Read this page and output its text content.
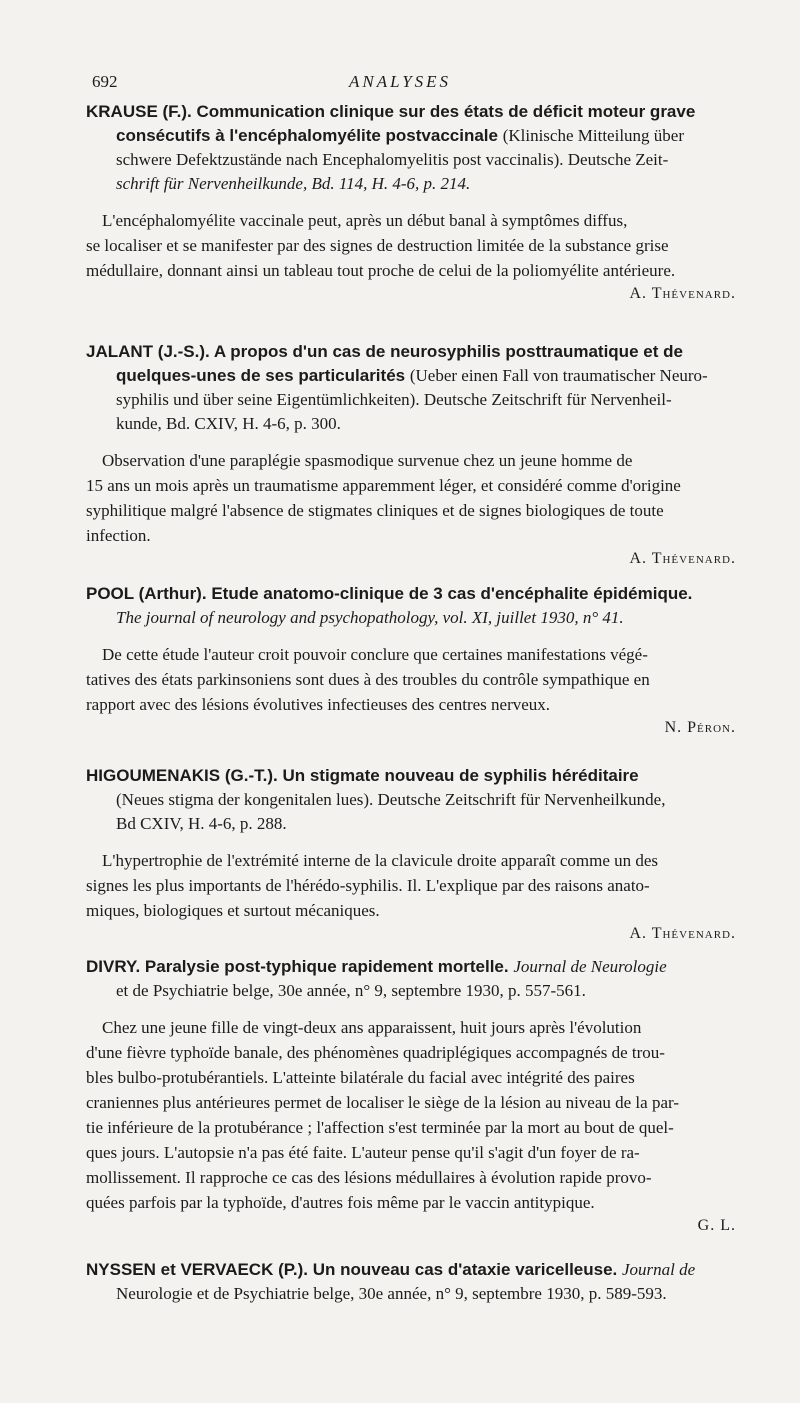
692	ANALYSES
KRAUSE (F.). Communication clinique sur des états de déficit moteur grave
consécutifs à l'encéphalomyélite postvaccinale (Klinische Mitteilung über
schwere Defektzustände nach Encephalomyelitis post vaccinalis). Deutsche Zeit-
schrift für Nervenheilkunde, Bd. 114, H. 4-6, p. 214.
L'encéphalomyélite vaccinale peut, après un début banal à symptômes diffus,
se localiser et se manifester par des signes de destruction limitée de la substance grise
médullaire, donnant ainsi un tableau tout proche de celui de la poliomyélite antérieure.
A. Thévenard.
JALANT (J.-S.). A propos d'un cas de neurosyphilis posttraumatique et de
quelques-unes de ses particularités (Ueber einen Fall von traumatischer Neuro-
syphilis und über seine Eigentümlichkeiten). Deutsche Zeitschrift für Nervenheil-
kunde, Bd. CXIV, H. 4-6, p. 300.
Observation d'une paraplégie spasmodique survenue chez un jeune homme de
15 ans un mois après un traumatisme apparemment léger, et considéré comme d'origine
syphilitique malgré l'absence de stigmates cliniques et de signes biologiques de toute
infection.
A. Thévenard.
POOL (Arthur). Etude anatomo-clinique de 3 cas d'encéphalite épidémique.
The journal of neurology and psychopathology, vol. XI, juillet 1930, n° 41.
De cette étude l'auteur croit pouvoir conclure que certaines manifestations végé-
tatives des états parkinsoniens sont dues à des troubles du contrôle sympathique en
rapport avec des lésions évolutives infectieuses des centres nerveux.
N. Péron.
HIGOUMENAKIS (G.-T.). Un stigmate nouveau de syphilis héréditaire
(Neues stigma der kongenitalen lues). Deutsche Zeitschrift für Nervenheilkunde,
Bd CXIV, H. 4-6, p. 288.
L'hypertrophie de l'extrémité interne de la clavicule droite apparaît comme un des
signes les plus importants de l'hérédo-syphilis. Il. L'explique par des raisons anato-
miques, biologiques et surtout mécaniques.
A. Thévenard.
DIVRY. Paralysie post-typhique rapidement mortelle. Journal de Neurologie
et de Psychiatrie belge, 30e année, n° 9, septembre 1930, p. 557-561.
Chez une jeune fille de vingt-deux ans apparaissent, huit jours après l'évolution
d'une fièvre typhoïde banale, des phénomènes quadriplégiques accompagnés de trou-
bles bulbo-protubérantiels. L'atteinte bilatérale du facial avec intégrité des paires
craniennes plus antérieures permet de localiser le siège de la lésion au niveau de la par-
tie inférieure de la protubérance ; l'affection s'est terminée par la mort au bout de quel-
ques jours. L'autopsie n'a pas été faite. L'auteur pense qu'il s'agit d'un foyer de ra-
mollissement. Il rapproche ce cas des lésions médullaires à évolution rapide provo-
quées parfois par la typhoïde, d'autres fois même par le vaccin antitypique.
G. L.
NYSSEN et VERVAECK (P.). Un nouveau cas d'ataxie varicelleuse. Journal de
Neurologie et de Psychiatrie belge, 30e année, n° 9, septembre 1930, p. 589-593.
